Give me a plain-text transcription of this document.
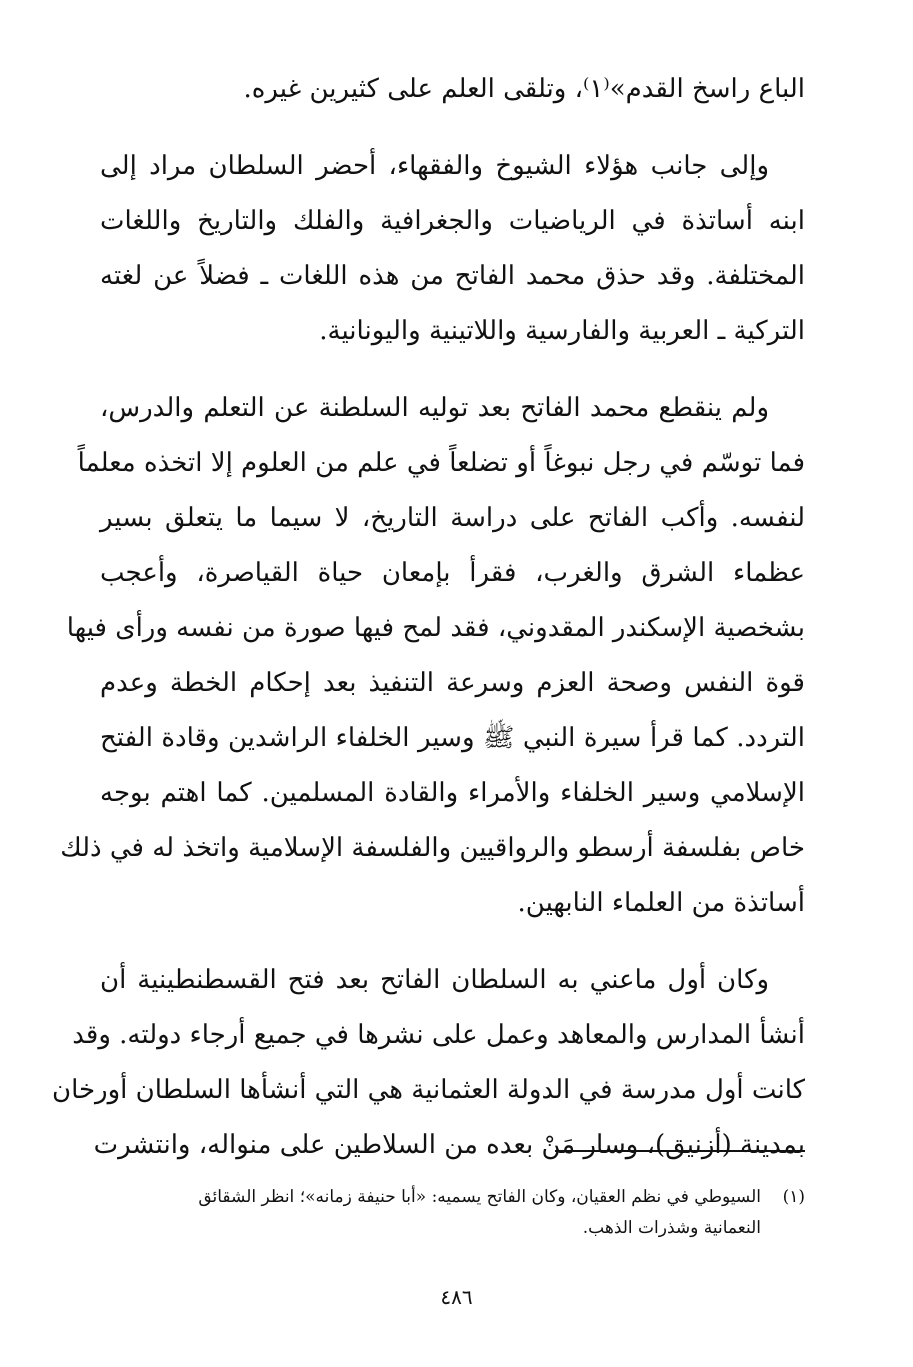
الباع راسخ القدم»⁽١⁾، وتلقى العلم على كثيرين غيره.
وإلى جانب هؤلاء الشيوخ والفقهاء، أحضر السلطان مراد إلى
ابنه أساتذة في الرياضيات والجغرافية والفلك والتاريخ واللغات
المختلفة. وقد حذق محمد الفاتح من هذه اللغات ـ فضلاً عن لغته
التركية ـ العربية والفارسية واللاتينية واليونانية.
ولم ينقطع محمد الفاتح بعد توليه السلطنة عن التعلم والدرس،
فما توسّم في رجل نبوغاً أو تضلعاً في علم من العلوم إلا اتخذه معلماً
لنفسه. وأكب الفاتح على دراسة التاريخ، لا سيما ما يتعلق بسير
عظماء الشرق والغرب، فقرأ بإمعان حياة القياصرة، وأعجب
بشخصية الإسكندر المقدوني، فقد لمح فيها صورة من نفسه ورأى فيها
قوة النفس وصحة العزم وسرعة التنفيذ بعد إحكام الخطة وعدم
التردد. كما قرأ سيرة النبي ﷺ وسير الخلفاء الراشدين وقادة الفتح
الإسلامي وسير الخلفاء والأمراء والقادة المسلمين. كما اهتم بوجه
خاص بفلسفة أرسطو والرواقيين والفلسفة الإسلامية واتخذ له في ذلك
أساتذة من العلماء النابهين.
وكان أول ماعني به السلطان الفاتح بعد فتح القسطنطينية أن
أنشأ المدارس والمعاهد وعمل على نشرها في جميع أرجاء دولته. وقد
كانت أول مدرسة في الدولة العثمانية هي التي أنشأها السلطان أورخان
بمدينة (أزنيق)، وسار مَنْ بعده من السلاطين على منواله، وانتشرت
(١)السيوطي في نظم العقيان، وكان الفاتح يسميه: «أبا حنيفة زمانه»؛ انظر الشقائق
النعمانية وشذرات الذهب.
٤٨٦
